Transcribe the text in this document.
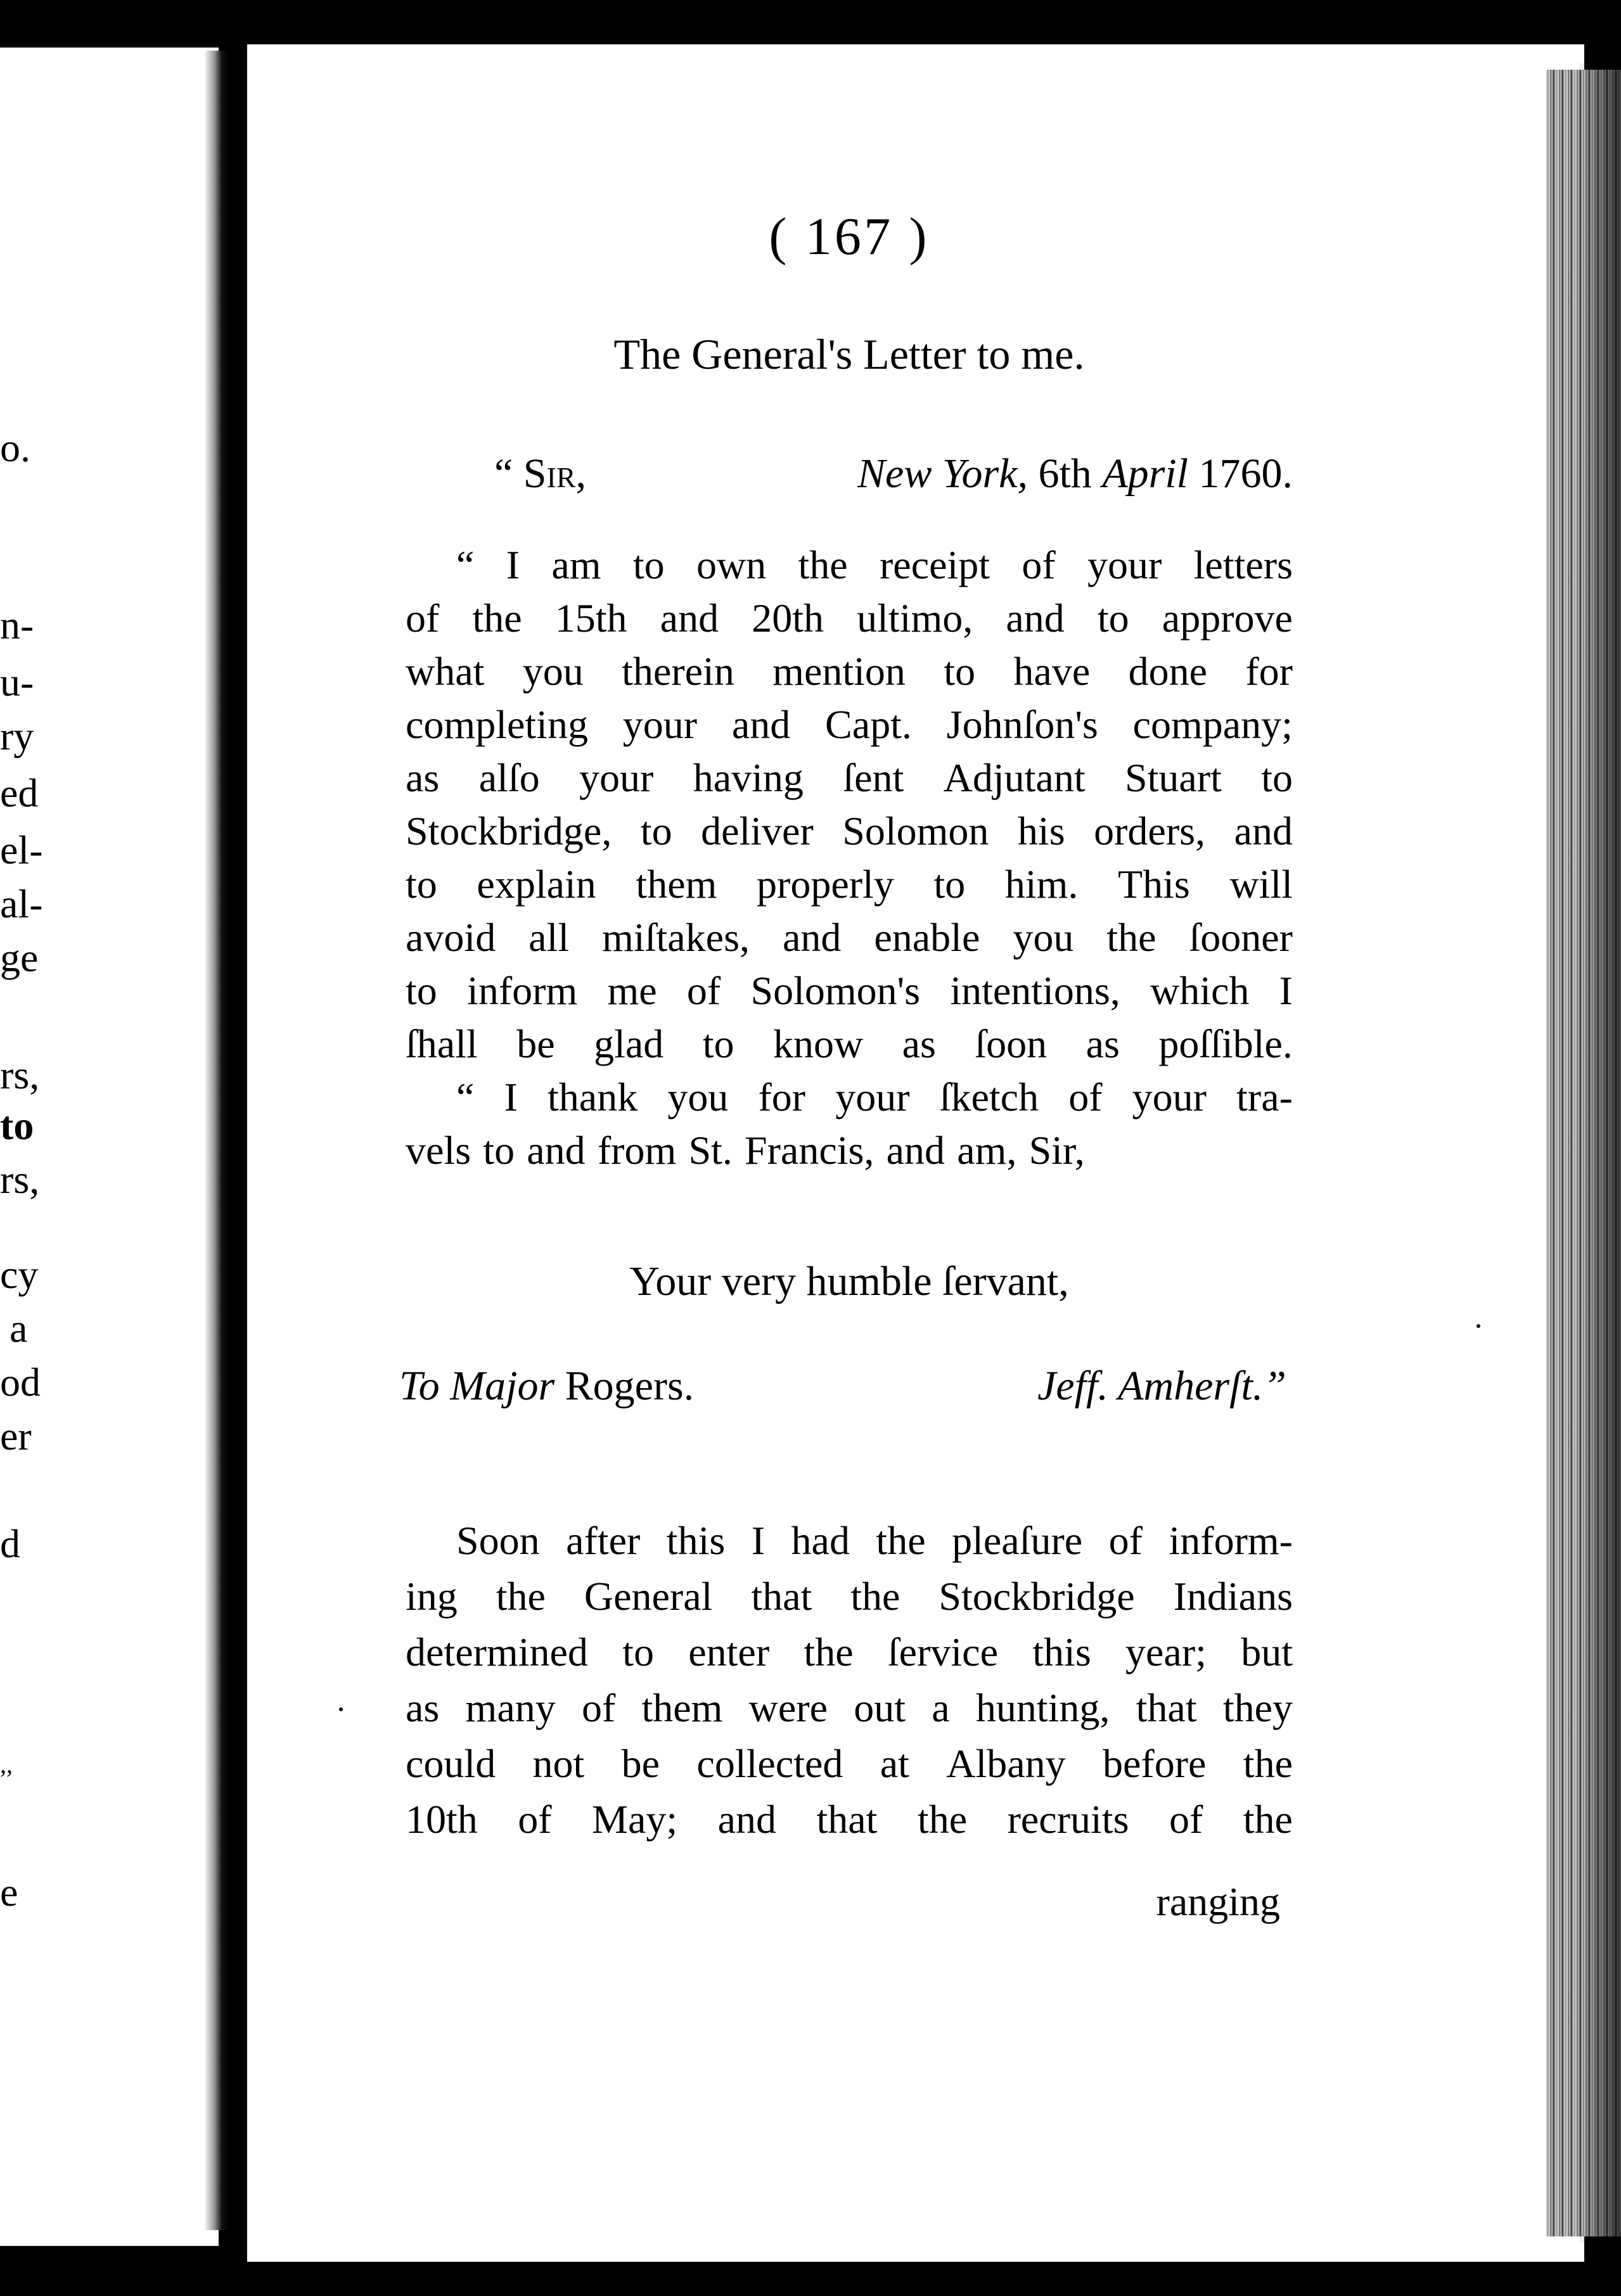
o.
n-
u-
ry
ed
el-
al-
ge
rs,
to
rs,
cy
a
od
er
d
,,
e
( 167 )
The General's Letter to me.
“ Sir,	New York, 6th April 1760.
“ I am to own the receipt of your letters
of the 15th and 20th ultimo, and to approve
what you therein mention to have done for
completing your and Capt. Johnſon's company;
as alſo your having ſent Adjutant Stuart to
Stockbridge, to deliver Solomon his orders, and
to explain them properly to him. This will
avoid all miſtakes, and enable you the ſooner
to inform me of Solomon's intentions, which I
ſhall be glad to know as ſoon as poſſible.
“ I thank you for your ſketch of your tra-
vels to and from St. Francis, and am, Sir,
Your very humble ſervant,
To Major Rogers.	Jeff. Amherſt.”
Soon after this I had the pleaſure of inform-
ing the General that the Stockbridge Indians
determined to enter the ſervice this year; but
as many of them were out a hunting, that they
could not be collected at Albany before the
10th of May; and that the recruits of the
ranging
